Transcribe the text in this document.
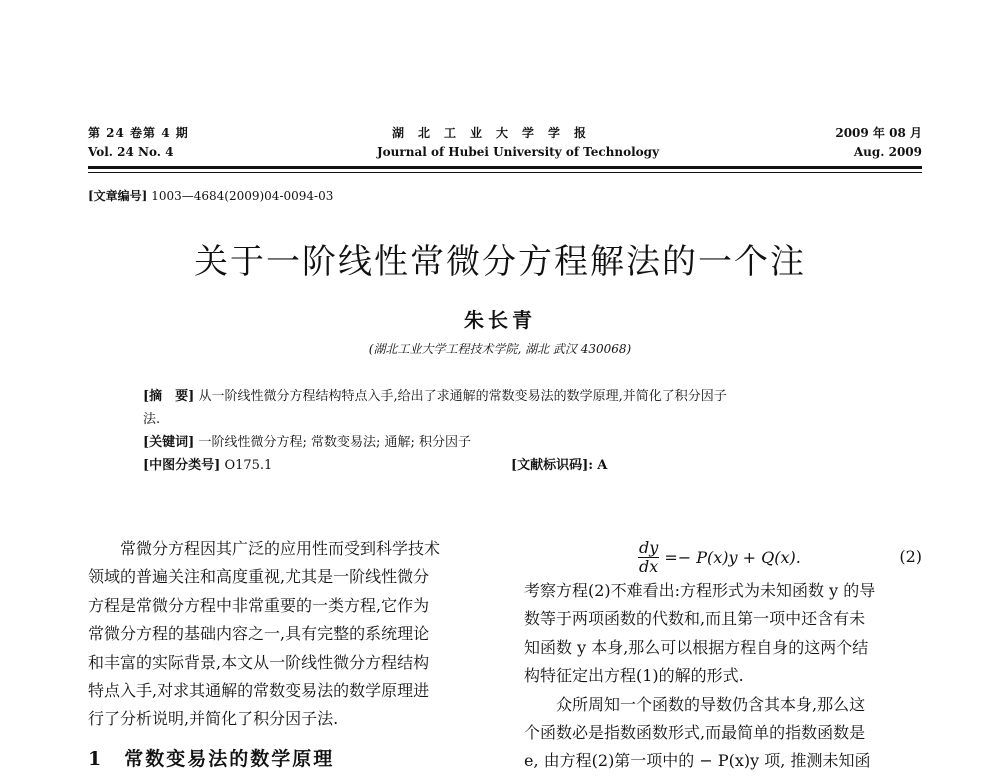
第 24 卷第 4 期
Vol. 24 No. 4
湖北工业大学学报
Journal of Hubei University of Technology
2009 年 08 月
Aug. 2009
[文章编号] 1003—4684(2009)04-0094-03
关于一阶线性常微分方程解法的一个注
朱长青
(湖北工业大学工程技术学院, 湖北 武汉 430068)
[摘　要] 从一阶线性微分方程结构特点入手,给出了求通解的常数变易法的数学原理,并简化了积分因子
法.
[关键词] 一阶线性微分方程; 常数变易法; 通解; 积分因子
[中图分类号] O175.1	[文献标识码]: A
　　常微分方程因其广泛的应用性而受到科学技术
领域的普遍关注和高度重视,尤其是一阶线性微分
方程是常微分方程中非常重要的一类方程,它作为
常微分方程的基础内容之一,具有完整的系统理论
和丰富的实际背景,本文从一阶线性微分方程结构
特点入手,对求其通解的常数变易法的数学原理进
行了分析说明,并简化了积分因子法.
1　常数变易法的数学原理
$\frac{dy}{dx} =- P(x)y + Q(x)$.	(2)
考察方程(2)不难看出:方程形式为未知函数 y 的导
数等于两项函数的代数和,而且第一项中还含有未
知函数 y 本身,那么可以根据方程自身的这两个结
构特征定出方程(1)的解的形式.
　　众所周知一个函数的导数仍含其本身,那么这
个函数必是指数函数形式,而最简单的指数函数是
e, 由方程(2)第一项中的 − P(x)y 项, 推测未知函
